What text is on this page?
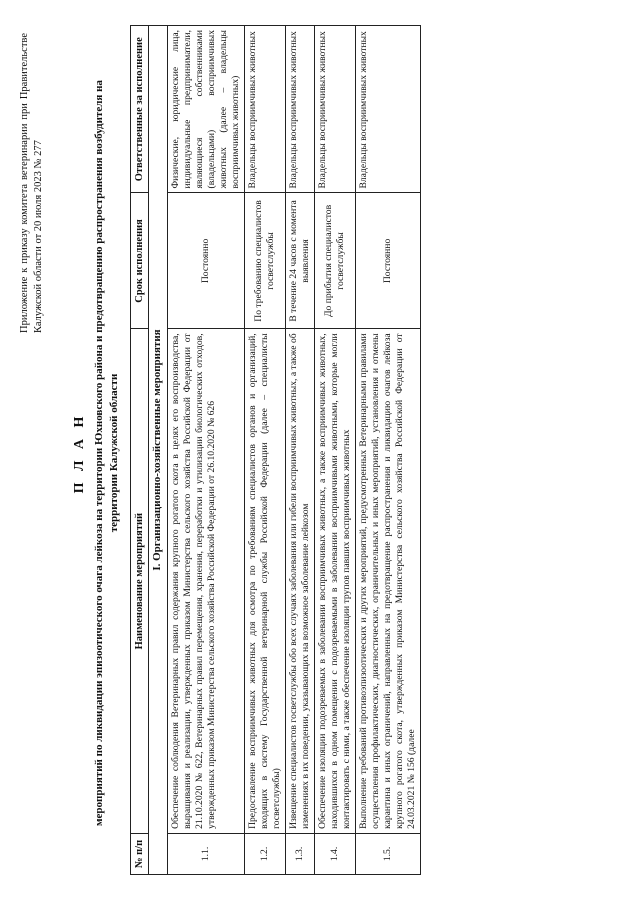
Приложение к приказу комитета ветеринарии при Правительстве Калужской области от 20 июля 2023 № 277
П Л А Н мероприятий по ликвидации эпизоотического очага лейкоза на территории Юхновского района и предотвращению распространения возбудителя на территории Калужской области
№ п/п	Наименование мероприятий	Срок исполнения	Ответственные за исполнение
I. Организационно-хозяйственные мероприятия			
1.1.	Обеспечение соблюдения Ветеринарных правил содержания крупного рогатого скота в целях его воспроизводства, выращивания и реализации, утвержденных приказом Министерства сельского хозяйства Российской Федерации от 21.10.2020 № 622, Ветеринарных правил перемещения, хранения, переработки и утилизации биологических отходов, утвержденных приказом Министерства сельского хозяйства Российской Федерации от 26.10.2020 № 626	Постоянно	Физические, юридические лица, индивидуальные предприниматели, являющиеся собственниками (владельцами) восприимчивых животных (далее – владельцы восприимчивых животных)
1.2.	Предоставление восприимчивых животных для осмотра по требованиям специалистов органов и организаций, входящих в систему Государственной ветеринарной службы Российской Федерации (далее – специалисты госветслужбы)	По требованию специалистов госветслужбы	Владельцы восприимчивых животных
1.3.	Извещение специалистов госветслужбы обо всех случаях заболевания или гибели восприимчивых животных, а также об изменениях в их поведении, указывающих на возможное заболевание лейкозом	В течение 24 часов с момента выявления	Владельцы восприимчивых животных
1.4.	Обеспечение изоляции подозреваемых в заболевании восприимчивых животных, а также восприимчивых животных, находившихся в одном помещении с подозреваемыми в заболевании восприимчивыми животными, которые могли контактировать с ними, а также обеспечение изоляции трупов павших восприимчивых животных	До прибытия специалистов госветслужбы	Владельцы восприимчивых животных
1.5.	Выполнение требований противоэпизоотических и других мероприятий, предусмотренных Ветеринарными правилами осуществления профилактических, диагностических, ограничительных и иных мероприятий, установления и отмены карантина и иных ограничений, направленных на предотвращение распространения и ликвидацию очагов лейкоза крупного рогатого скота, утвержденных приказом Министерства сельского хозяйства Российской Федерации от 24.03.2021 № 156 (далее	Постоянно	Владельцы восприимчивых животных
